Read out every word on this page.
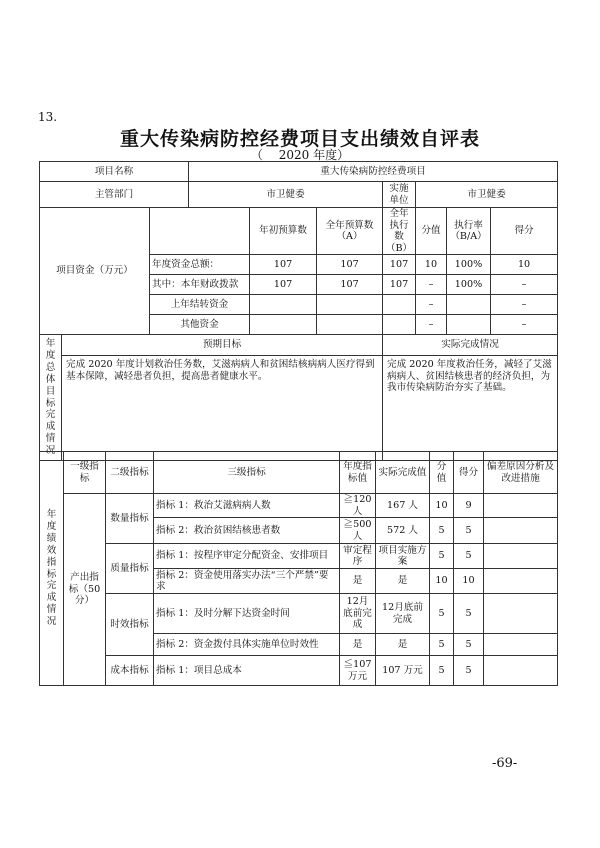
13.
重大传染病防控经费项目支出绩效自评表
（　 2020 年度）
项目名称			重大传染病防控经费项目						
主管部门			市卫健委			实施单位	市卫健委		
项目资金（万元）				年初预算数	全年预算数（A）	全年执行数（B）	分值	执行率（B/A）	得分
		年度资金总额：		107	107	107	10	100%	10
		其中：本年财政拨款		107	107	107	–	100%	–
		上年结转资金					–		–
		其他资金					–		–
年度总体目标完成情况	预期目标					实际完成情况			
	完成 2020 年度计划救治任务数，艾滋病病人和贫困结核病病人医疗得到基本保障，减轻患者负担，提高患者健康水平。					完成 2020 年度救治任务，减轻了艾滋病病人、贫困结核患者的经济负担，为我市传染病防治夯实了基础。			
年度绩效指标完成情况	一级指标	二级指标	三级指标	年度指标值	实际完成值	分值	得分	偏差原因分析及改进措施
	产出指标（50分）	数量指标	指标 1：救治艾滋病病人数	≧120人	167 人	10	9	
			指标 2：救治贫困结核患者数	≧500人	572 人	5	5	
		质量指标	指标 1：按程序审定分配资金、安排项目	审定程序	项目实施方案	5	5	
			指标 2：资金使用落实办法“三个严禁”要求	是	是	10	10	
		时效指标	指标 1：及时分解下达资金时间	12月底前完成	12月底前完成	5	5	
			指标 2：资金拨付具体实施单位时效性	是	是	5	5	
		成本指标	指标 1：项目总成本	≦107万元	107 万元	5	5	
-69-
